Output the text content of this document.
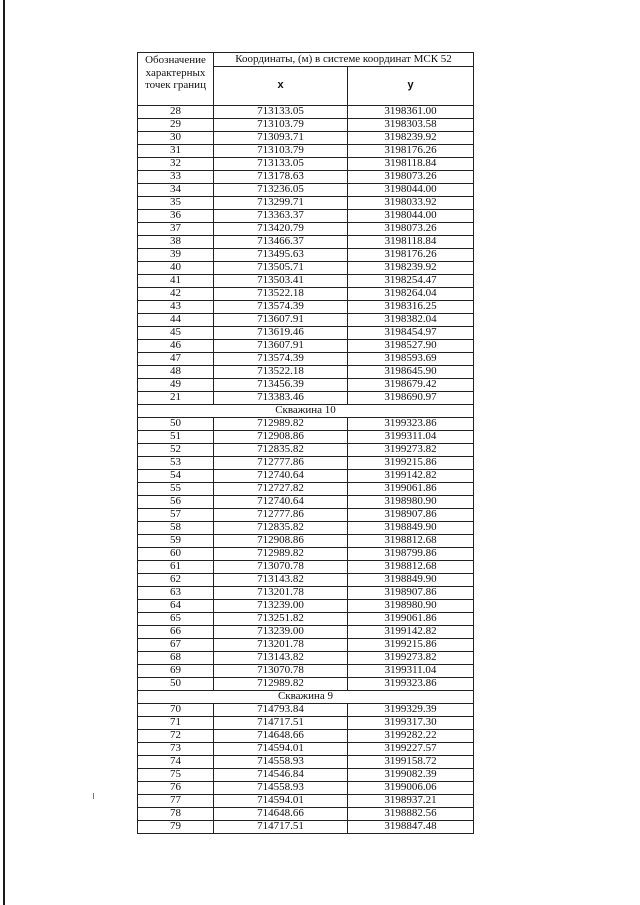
Обозначение характерных точек границ	Координаты, (м) в системе координат МСК 52	
	x	y
28	713133.05	3198361.00
29	713103.79	3198303.58
30	713093.71	3198239.92
31	713103.79	3198176.26
32	713133.05	3198118.84
33	713178.63	3198073.26
34	713236.05	3198044.00
35	713299.71	3198033.92
36	713363.37	3198044.00
37	713420.79	3198073.26
38	713466.37	3198118.84
39	713495.63	3198176.26
40	713505.71	3198239.92
41	713503.41	3198254.47
42	713522.18	3198264.04
43	713574.39	3198316.25
44	713607.91	3198382.04
45	713619.46	3198454.97
46	713607.91	3198527.90
47	713574.39	3198593.69
48	713522.18	3198645.90
49	713456.39	3198679.42
21	713383.46	3198690.97
Скважина 10		
50	712989.82	3199323.86
51	712908.86	3199311.04
52	712835.82	3199273.82
53	712777.86	3199215.86
54	712740.64	3199142.82
55	712727.82	3199061.86
56	712740.64	3198980.90
57	712777.86	3198907.86
58	712835.82	3198849.90
59	712908.86	3198812.68
60	712989.82	3198799.86
61	713070.78	3198812.68
62	713143.82	3198849.90
63	713201.78	3198907.86
64	713239.00	3198980.90
65	713251.82	3199061.86
66	713239.00	3199142.82
67	713201.78	3199215.86
68	713143.82	3199273.82
69	713070.78	3199311.04
50	712989.82	3199323.86
Скважина 9		
70	714793.84	3199329.39
71	714717.51	3199317.30
72	714648.66	3199282.22
73	714594.01	3199227.57
74	714558.93	3199158.72
75	714546.84	3199082.39
76	714558.93	3199006.06
77	714594.01	3198937.21
78	714648.66	3198882.56
79	714717.51	3198847.48
